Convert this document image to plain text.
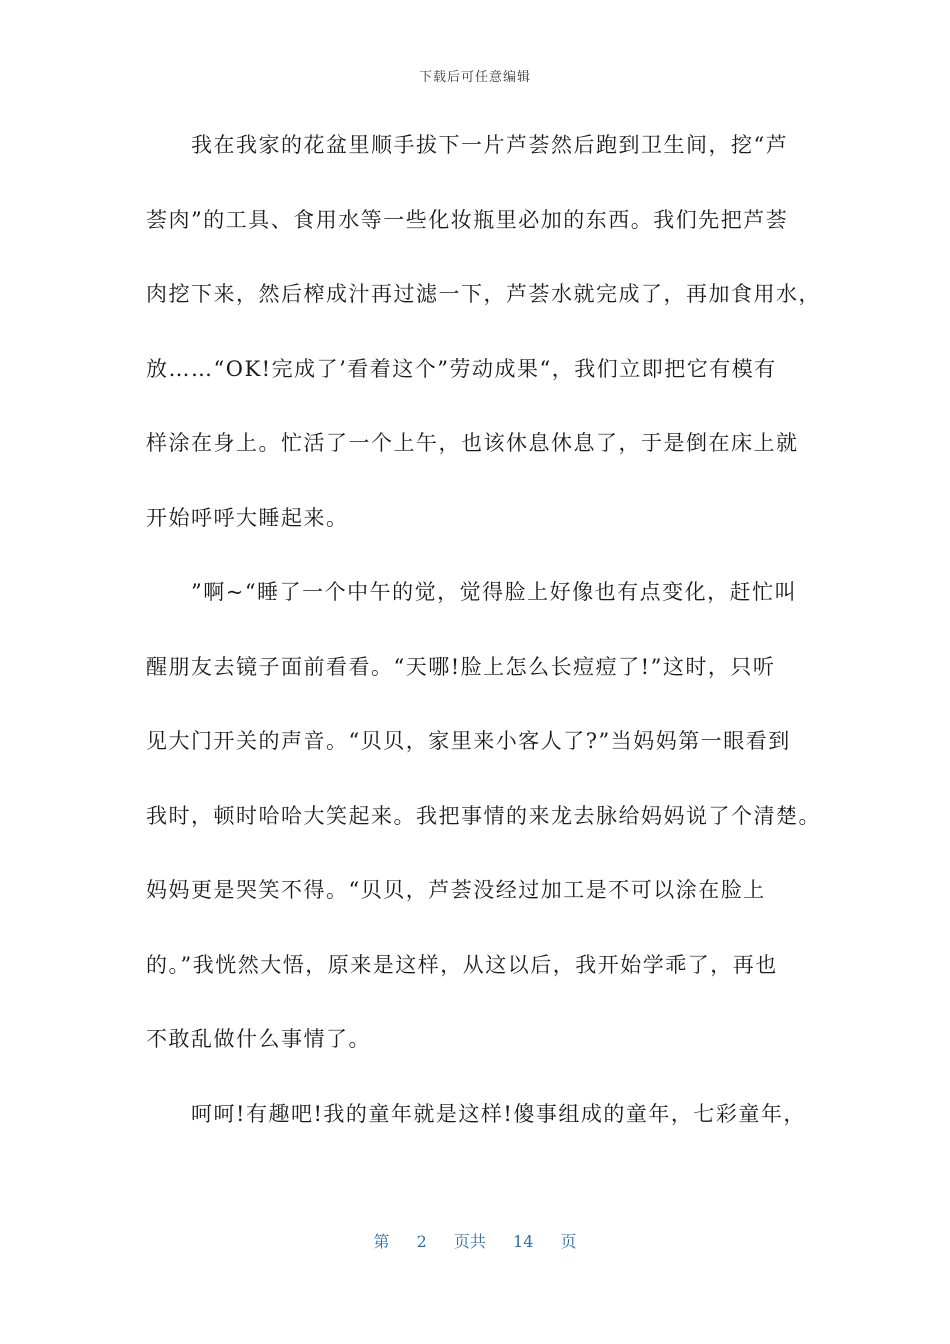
下载后可任意编辑

我在我家的花盆里顺手拔下一片芦荟然后跑到卫生间，挖“芦

荟肉”的工具、食用水等一些化妆瓶里必加的东西。我们先把芦荟

肉挖下来，然后榨成汁再过滤一下，芦荟水就完成了，再加食用水，

放……“OK!完成了’看着这个”劳动成果“，我们立即把它有模有

样涂在身上。忙活了一个上午，也该休息休息了，于是倒在床上就

开始呼呼大睡起来。

”啊~“睡了一个中午的觉，觉得脸上好像也有点变化，赶忙叫

醒朋友去镜子面前看看。“天哪!脸上怎么长痘痘了!”这时，只听

见大门开关的声音。“贝贝，家里来小客人了?”当妈妈第一眼看到

我时，顿时哈哈大笑起来。我把事情的来龙去脉给妈妈说了个清楚。

妈妈更是哭笑不得。“贝贝，芦荟没经过加工是不可以涂在脸上

的。”我恍然大悟，原来是这样，从这以后，我开始学乖了，再也

不敢乱做什么事情了。

呵呵!有趣吧!我的童年就是这样!傻事组成的童年，七彩童年，

第 2 页共 14 页
